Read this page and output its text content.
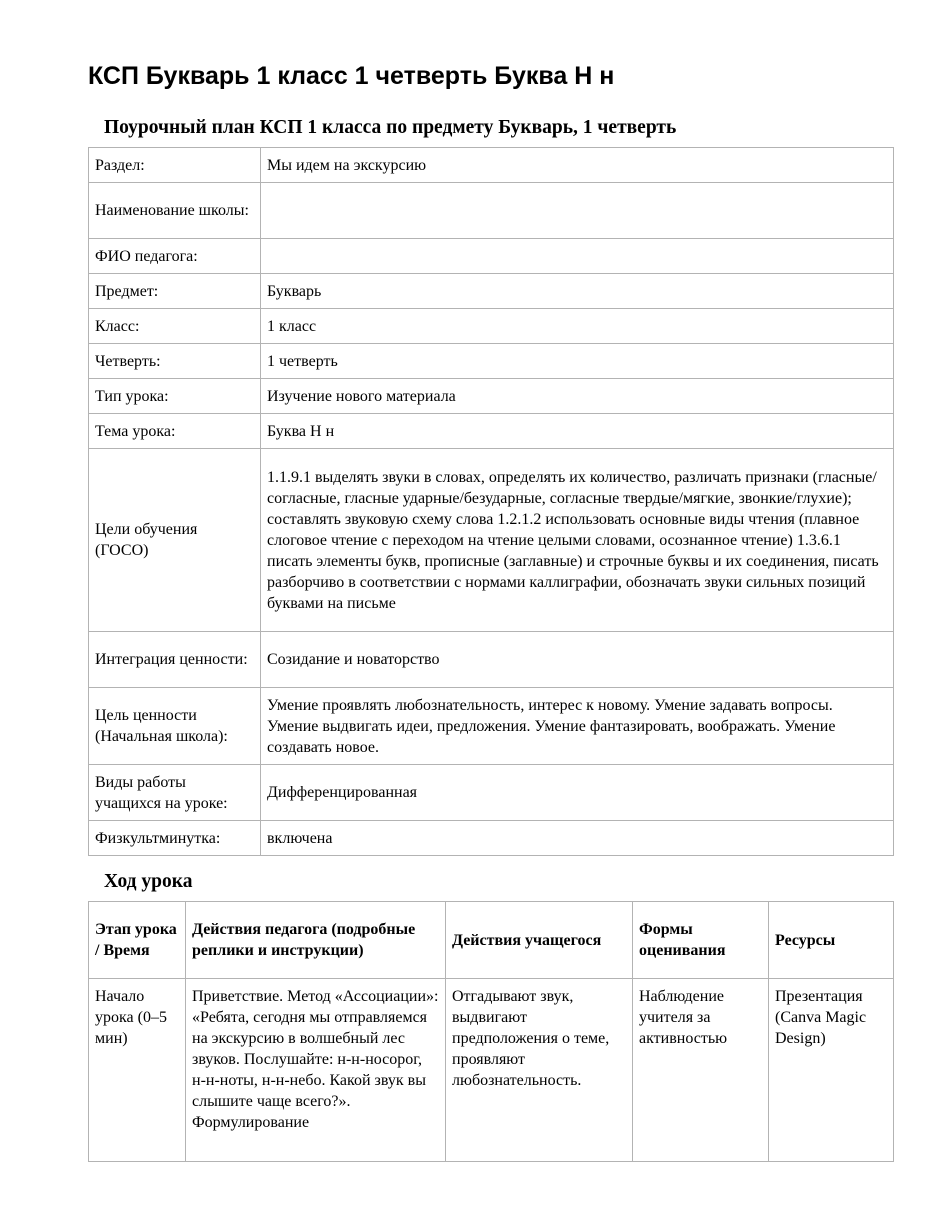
КСП Букварь 1 класс 1 четверть Буква Н н
Поурочный план КСП 1 класса по предмету Букварь, 1 четверть
Раздел:	Мы идем на экскурсию
Наименование школы:	
ФИО педагога:	
Предмет:	Букварь
Класс:	1 класс
Четверть:	1 четверть
Тип урока:	Изучение нового материала
Тема урока:	Буква Н н
Цели обучения (ГОСО)	1.1.9.1 выделять звуки в словах, определять их количество, различать признаки (гласные/ согласные, гласные ударные/безударные, согласные твердые/мягкие, звонкие/глухие); составлять звуковую схему слова 1.2.1.2 использовать основные виды чтения (плавное слоговое чтение с переходом на чтение целыми словами, осознанное чтение) 1.3.6.1 писать элементы букв, прописные (заглавные) и строчные буквы и их соединения, писать разборчиво в соответствии с нормами каллиграфии, обозначать звуки сильных позиций буквами на письме
Интеграция ценности:	Созидание и новаторство
Цель ценности (Начальная школа):	Умение проявлять любознательность, интерес к новому. Умение задавать вопросы. Умение выдвигать идеи, предложения. Умение фантазировать, воображать. Умение создавать новое.
Виды работы учащихся на уроке:	Дифференцированная
Физкультминутка:	включена
Ход урока
Этап урока / Время	Действия педагога (подробные реплики и инструкции)	Действия учащегося	Формы оценивания	Ресурсы
Начало урока (0–5 мин)	Приветствие. Метод «Ассоциации»: «Ребята, сегодня мы отправляемся на экскурсию в волшебный лес звуков. Послушайте: н-н-носорог, н-н-ноты, н-н-небо. Какой звук вы слышите чаще всего?». Формулирование	Отгадывают звук, выдвигают предположения о теме, проявляют любознательность.	Наблюдение учителя за активностью	Презентация (Canva Magic Design)
